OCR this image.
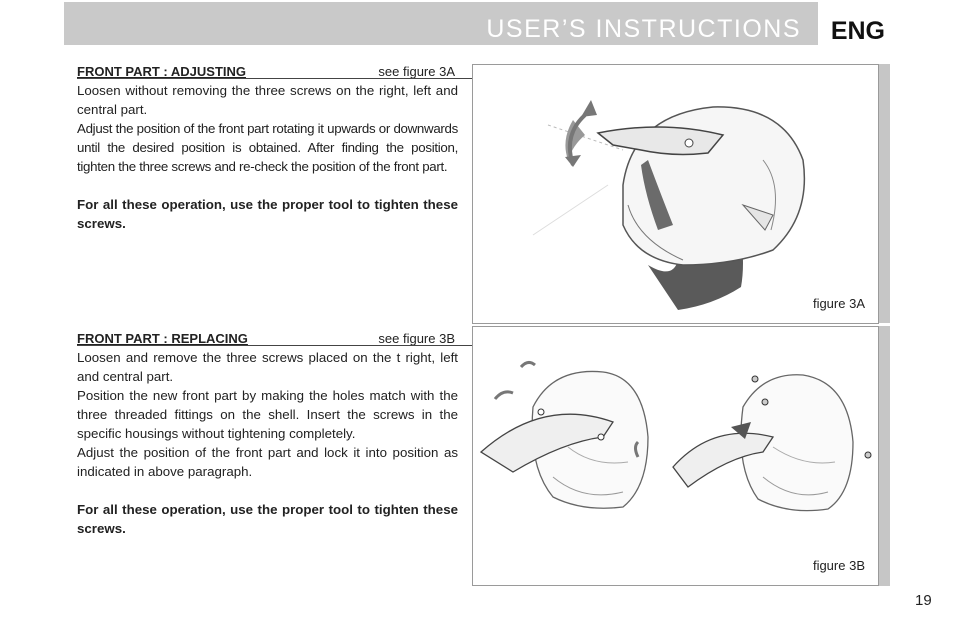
USER’S INSTRUCTIONS	ENG
FRONT PART : ADJUSTING	see figure 3A

Loosen without removing the three screws on the right, left and central part.

Adjust the position of the front part rotating it upwards or downwards until the desired position is obtained. After finding the position, tighten the three screws and re-check the position of the front part.

For all these operation, use the proper tool to tighten these screws.

FRONT PART : REPLACING	see figure 3B

Loosen and remove the three screws placed on the t right, left and central part.

Position the new front part by making the holes match with the three threaded fittings on the shell. Insert the screws in the specific housings without tightening completely.

Adjust the position of the front part and lock it into position as indicated in above paragraph.

For all these operation, use the proper tool to tighten these screws.

figure 3A
figure 3B
19
